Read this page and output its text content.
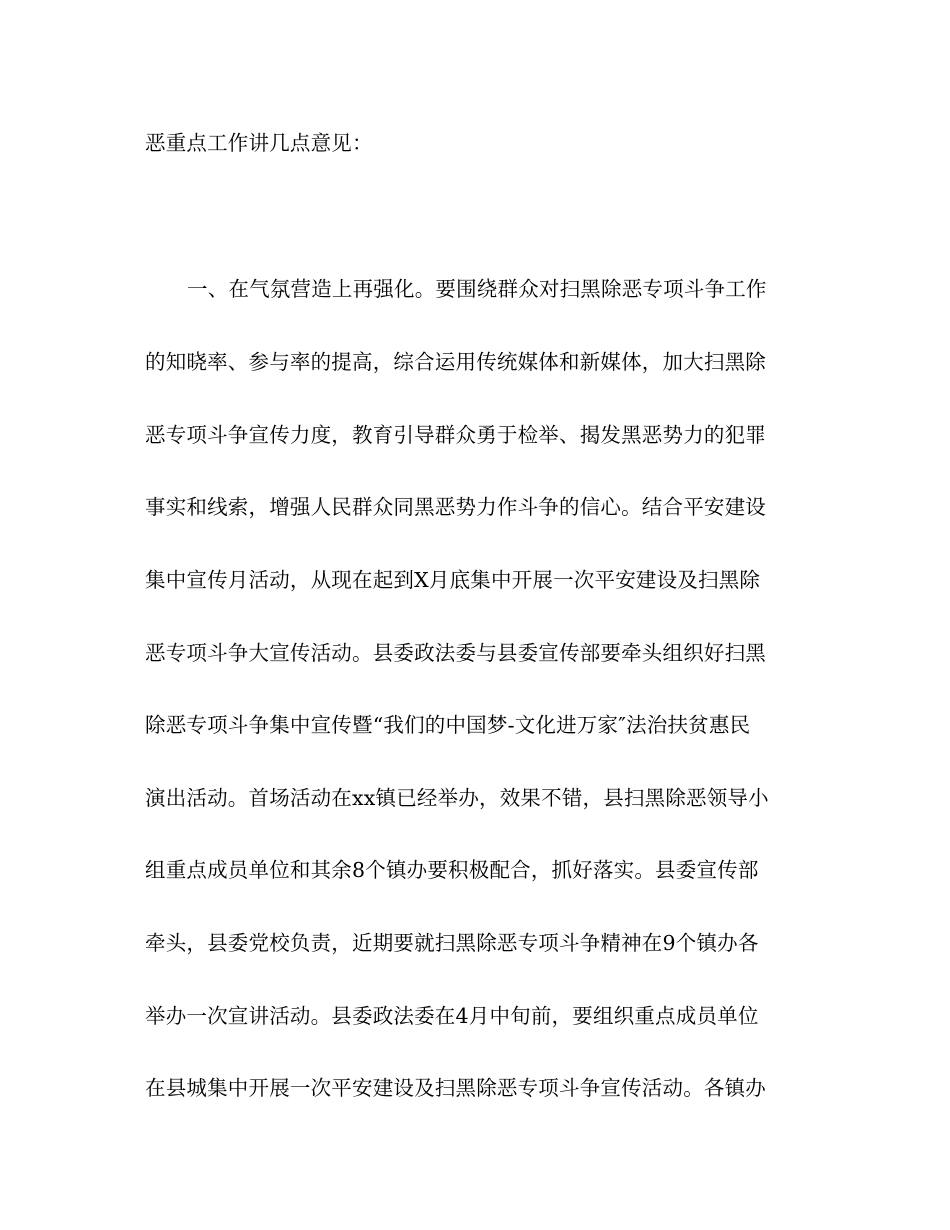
恶重点工作讲几点意见：
一、在气氛营造上再强化。要围绕群众对扫黑除恶专项斗争工作
的知晓率、参与率的提高，综合运用传统媒体和新媒体，加大扫黑除
恶专项斗争宣传力度，教育引导群众勇于检举、揭发黑恶势力的犯罪
事实和线索，增强人民群众同黑恶势力作斗争的信心。结合平安建设
集中宣传月活动，从现在起到X月底集中开展一次平安建设及扫黑除
恶专项斗争大宣传活动。县委政法委与县委宣传部要牵头组织好扫黑
除恶专项斗争集中宣传暨“我们的中国梦-文化进万家″法治扶贫惠民
演出活动。首场活动在xx镇已经举办，效果不错，县扫黑除恶领导小
组重点成员单位和其余8个镇办要积极配合，抓好落实。县委宣传部
牵头，县委党校负责，近期要就扫黑除恶专项斗争精神在9个镇办各
举办一次宣讲活动。县委政法委在4月中旬前，要组织重点成员单位
在县城集中开展一次平安建设及扫黑除恶专项斗争宣传活动。各镇办
